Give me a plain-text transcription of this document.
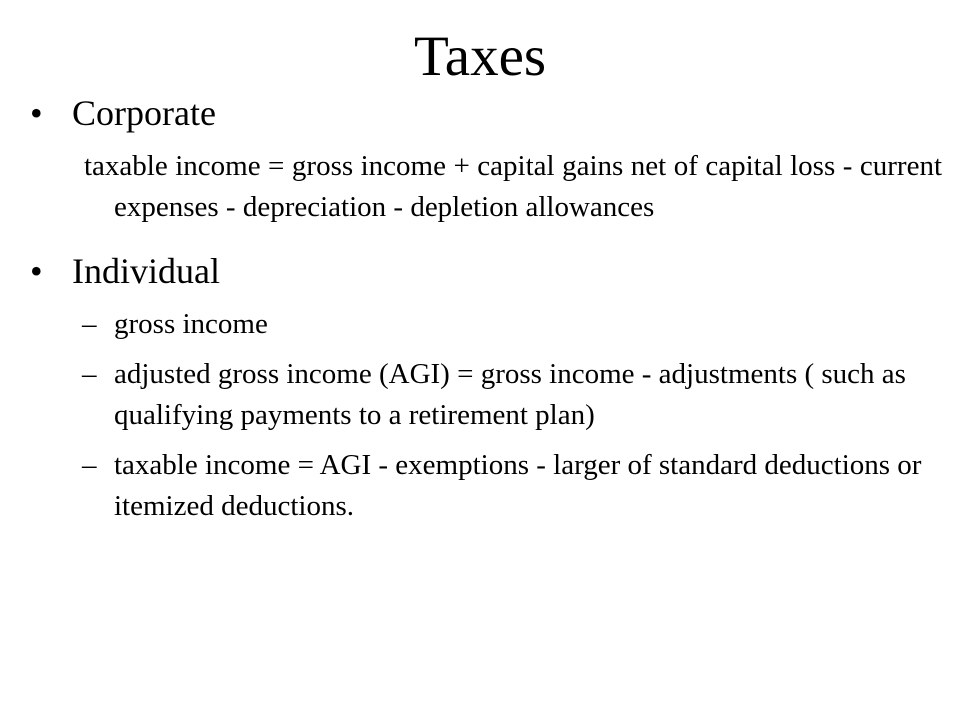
Taxes
• Corporate
taxable income = gross income + capital gains net of capital loss - current expenses - depreciation - depletion allowances
• Individual
– gross income
– adjusted gross income (AGI) = gross income - adjustments ( such as qualifying payments to a retirement plan)
– taxable income = AGI - exemptions - larger of standard deductions or itemized deductions.
